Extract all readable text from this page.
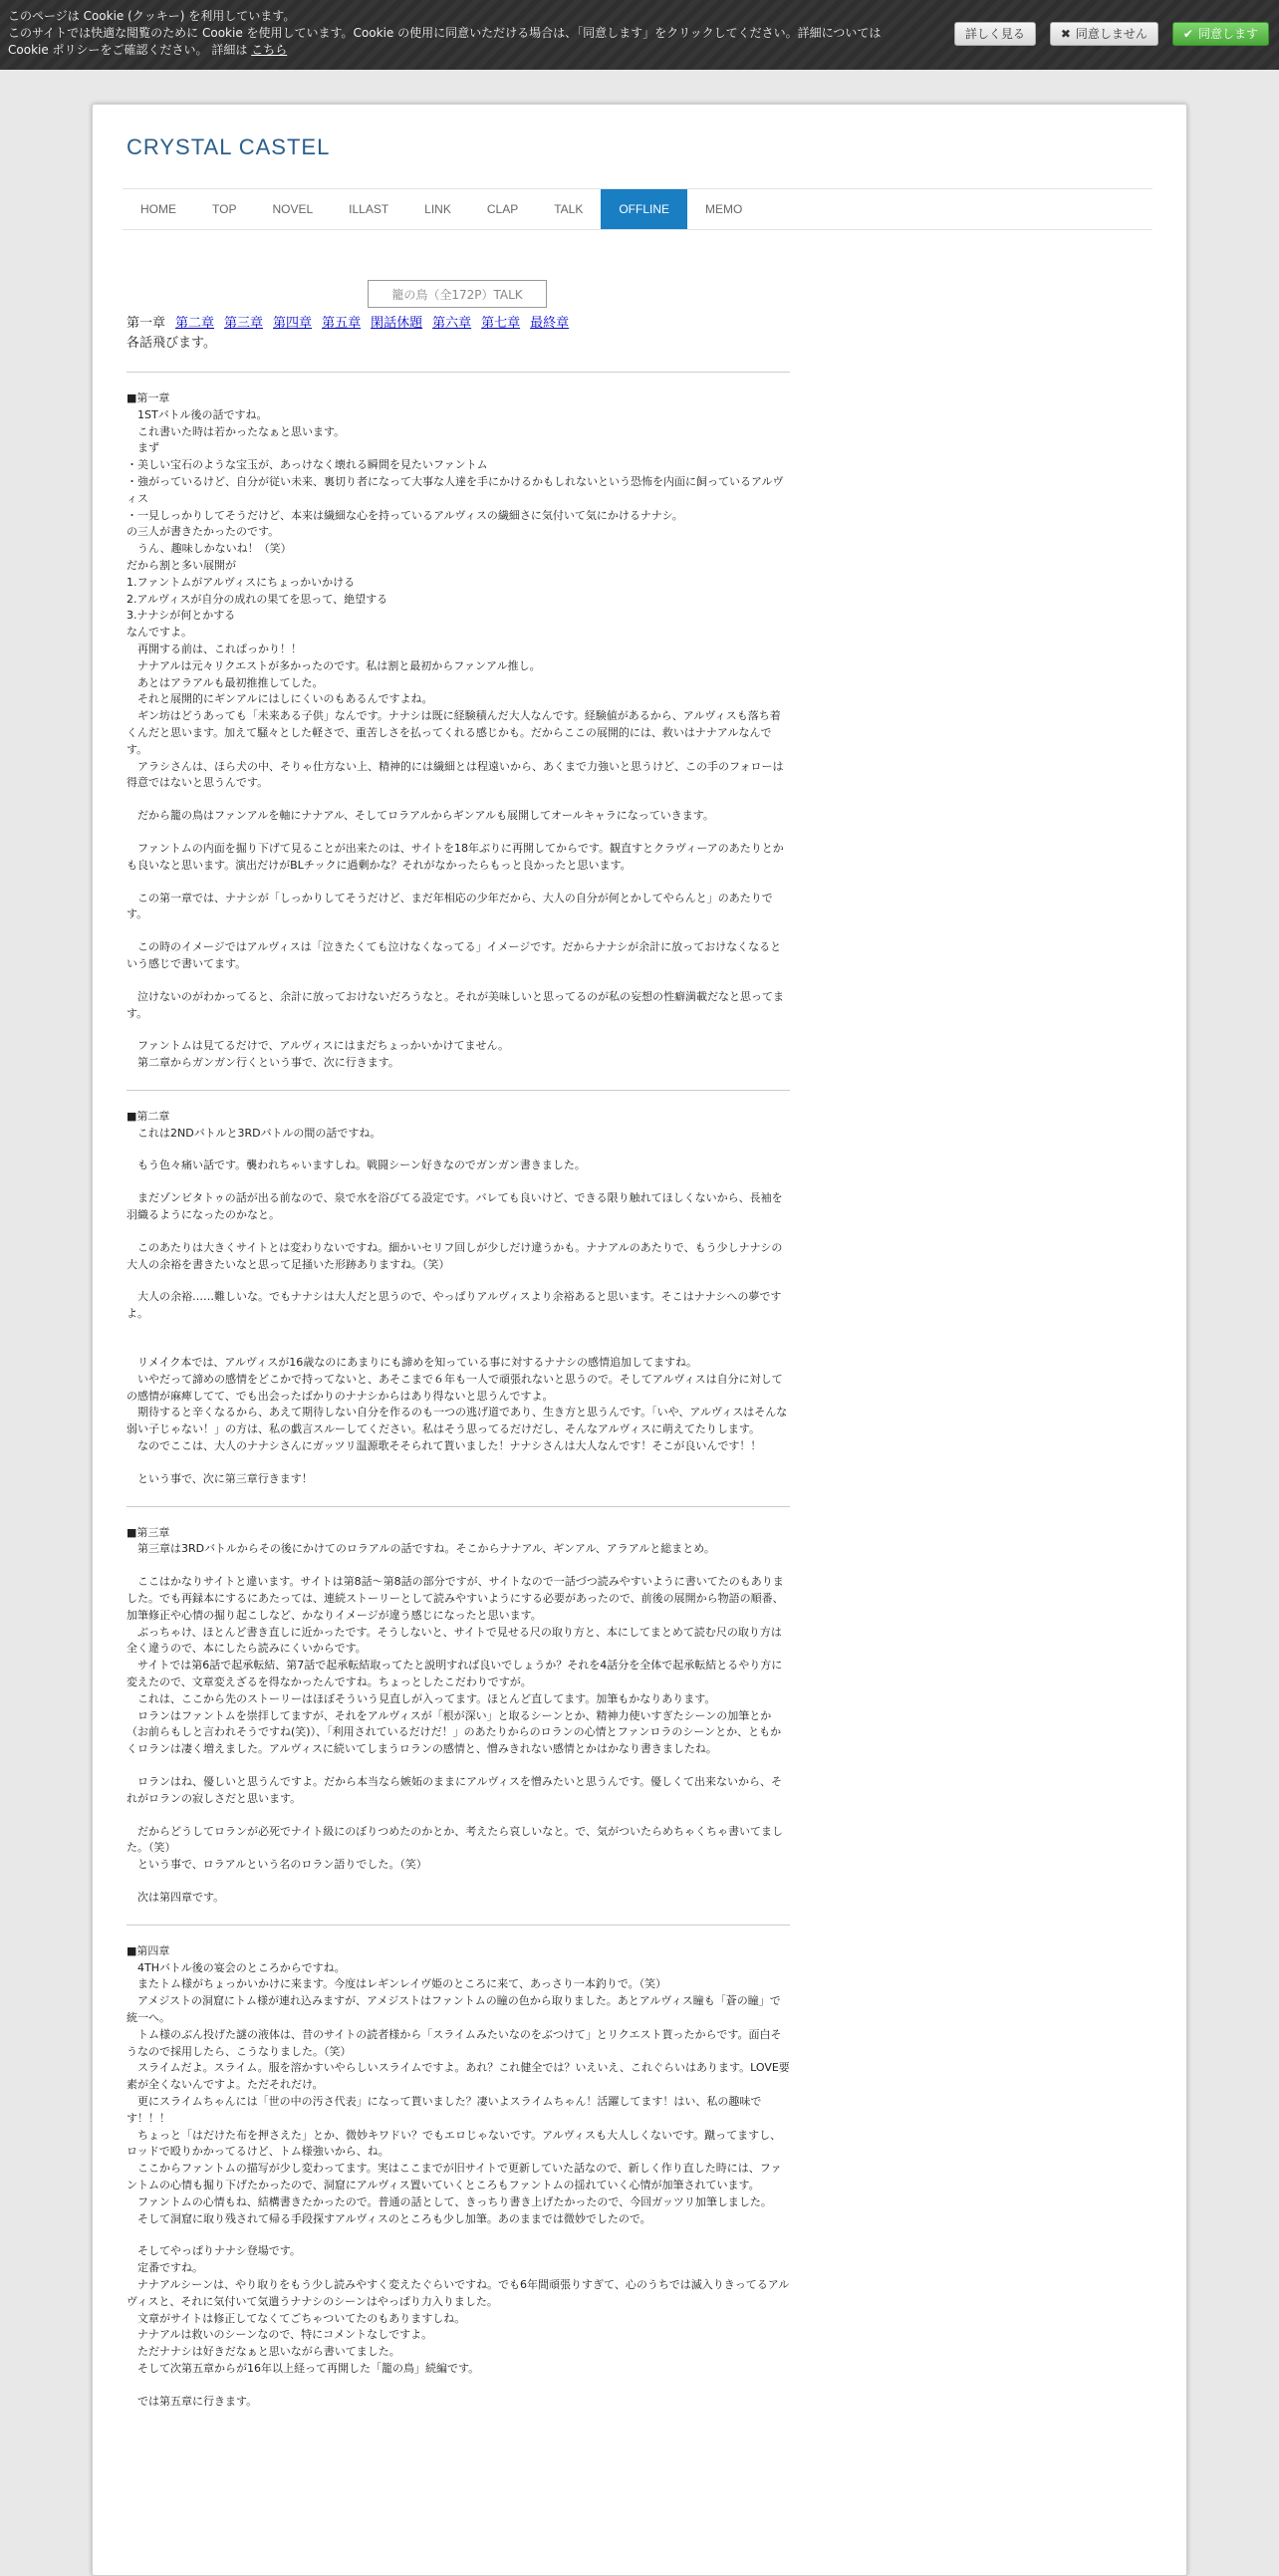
このページは Cookie (クッキー) を利用しています。

このサイトでは快適な閲覧のために Cookie を使用しています。Cookie の使用に同意いただける場合は、「同意します」をクリックしてください。詳細については Cookie ポリシーをご確認ください。 詳細は こちら

詳しく見る	✖ 同意しません	✔ 同意します
CRYSTAL CASTEL
HOME	TOP	NOVEL	ILLAST	LINK	CLAP	TALK	OFFLINE	MEMO
籠の鳥（全172P）TALK
第一章 第二章 第三章 第四章 第五章 閑話休題 第六章 第七章 最終章
各話飛びます。

■第一章

　1STバトル後の話ですね。

　これ書いた時は若かったなぁと思います。

　まず

・美しい宝石のような宝玉が、あっけなく壊れる瞬間を見たいファントム

・強がっているけど、自分が従い未来、裏切り者になって大事な人達を手にかけるかもしれないという恐怖を内面に飼っているアルヴィス

・一見しっかりしてそうだけど、本来は繊細な心を持っているアルヴィスの繊細さに気付いて気にかけるナナシ。

の三人が書きたかったのです。

　うん、趣味しかないね！（笑）

だから割と多い展開が

1.ファントムがアルヴィスにちょっかいかける

2.アルヴィスが自分の成れの果てを思って、絶望する

3.ナナシが何とかする

なんですよ。

　再開する前は、これぱっかり！！

　ナナアルは元々リクエストが多かったのです。私は割と最初からファンアル推し。

　あとはアラアルも最初推推してした。

　それと展開的にギンアルにはしにくいのもあるんですよね。

　ギン坊はどうあっても「未来ある子供」なんです。ナナシは既に経験積んだ大人なんです。経験値があるから、アルヴィスも落ち着くんだと思います。加えて騒々とした軽さで、重苦しさを払ってくれる感じかも。だからここの展開的には、救いはナナアルなんです。

　アラシさんは、ほら犬の中、そりゃ仕方ない上、精神的には繊細とは程遠いから、あくまで力強いと思うけど、この手のフォローは得意ではないと思うんです。

　だから籠の鳥はファンアルを軸にナナアル、そしてロラアルからギンアルも展開してオールキャラになっていきます。

　ファントムの内面を掘り下げて見ることが出来たのは、サイトを18年ぶりに再開してからです。観直すとクラヴィーアのあたりとかも良いなと思います。演出だけがBLチックに過剰かな？それがなかったらもっと良かったと思います。

　この第一章では、ナナシが「しっかりしてそうだけど、まだ年相応の少年だから、大人の自分が何とかしてやらんと」のあたりです。

　この時のイメージではアルヴィスは「泣きたくても泣けなくなってる」イメージです。だからナナシが余計に放っておけなくなるという感じで書いてます。

　泣けないのがわかってると、余計に放っておけないだろうなと。それが美味しいと思ってるのが私の妄想の性癖満載だなと思ってます。

　ファントムは見てるだけで、アルヴィスにはまだちょっかいかけてません。

　第二章からガンガン行くという事で、次に行きます。

■第二章

　これは2NDバトルと3RDバトルの間の話ですね。

　もう色々痛い話です。襲われちゃいますしね。戦闘シーン好きなのでガンガン書きました。

　まだゾンビタトゥの話が出る前なので、泉で水を浴びてる設定です。バレても良いけど、できる限り触れてほしくないから、長袖を羽織るようになったのかなと。

　このあたりは大きくサイトとは変わりないですね。細かいセリフ回しが少しだけ違うかも。ナナアルのあたりで、もう少しナナシの大人の余裕を書きたいなと思って足掻いた形跡ありますね。（笑）

　大人の余裕……難しいな。でもナナシは大人だと思うので、やっぱりアルヴィスより余裕あると思います。そこはナナシへの夢ですよ。

　リメイク本では、アルヴィスが16歳なのにあまりにも諦めを知っている事に対するナナシの感情追加してますね。

　いやだって諦めの感情をどこかで持ってないと、あそこまで６年も一人で頑張れないと思うので。そしてアルヴィスは自分に対しての感情が麻痺してて、でも出会ったばかりのナナシからはあり得ないと思うんですよ。

　期待すると辛くなるから、あえて期待しない自分を作るのも一つの逃げ道であり、生き方と思うんです。「いや、アルヴィスはそんな弱い子じゃない！」の方は、私の戯言スルーしてください。私はそう思ってるだけだし、そんなアルヴィスに萌えてたりします。

　なのでここは、大人のナナシさんにガッツリ温源歌そそられて貰いました！ナナシさんは大人なんです！そこが良いんです！！

　という事で、次に第三章行きます！

■第三章

　第三章は3RDバトルからその後にかけてのロラアルの話ですね。そこからナナアル、ギンアル、アラアルと総まとめ。

　ここはかなりサイトと違います。サイトは第8話〜第8話の部分ですが、サイトなので一話づつ読みやすいように書いてたのもありました。でも再録本にするにあたっては、連続ストーリーとして読みやすいようにする必要があったので、前後の展開から物語の順番、加筆修正や心情の掘り起こしなど、かなりイメージが違う感じになったと思います。

　ぶっちゃけ、ほとんど書き直しに近かったです。そうしないと、サイトで見せる尺の取り方と、本にしてまとめて読む尺の取り方は全く違うので、本にしたら読みにくいからです。

　サイトでは第6話で起承転結、第7話で起承転結取ってたと説明すれば良いでしょうか？それを4話分を全体で起承転結とるやり方に変えたので、文章変えざるを得なかったんですね。ちょっとしたこだわりですが。

　これは、ここから先のストーリーはほぼそういう見直しが入ってます。ほとんど直してます。加筆もかなりあります。

　ロランはファントムを崇拝してますが、それをアルヴィスが「根が深い」と取るシーンとか、精神力使いすぎたシーンの加筆とか（お前らもしと言われそうですね(笑)）、「利用されているだけだ！」のあたりからのロランの心情とファンロラのシーンとか、ともかくロランは凄く増えました。アルヴィスに続いてしまうロランの感情と、憎みきれない感情とかはかなり書きましたね。

　ロランはね、優しいと思うんですよ。だから本当なら嫉妬のままにアルヴィスを憎みたいと思うんです。優しくて出来ないから、それがロランの寂しさだと思います。

　だからどうしてロランが必死でナイト級にのぼりつめたのかとか、考えたら哀しいなと。で、気がついたらめちゃくちゃ書いてました。（笑）

　という事で、ロラアルという名のロラン語りでした。（笑）

　次は第四章です。

■第四章

　4THバトル後の宴会のところからですね。

　またトム様がちょっかいかけに来ます。今度はレギンレイヴ姫のところに来て、あっさり一本釣りで。（笑）

　アメジストの洞窟にトム様が連れ込みますが、アメジストはファントムの瞳の色から取りました。あとアルヴィス瞳も「蒼の瞳」で統一へ。

　トム様のぶん投げた謎の液体は、昔のサイトの読者様から「スライムみたいなのをぶつけて」とリクエスト貰ったからです。面白そうなので採用したら、こうなりました。（笑）

　スライムだよ。スライム。服を溶かすいやらしいスライムですよ。あれ？これ健全では？いえいえ、これぐらいはあります。LOVE要素が全くないんですよ。ただそれだけ。

　更にスライムちゃんには「世の中の汚さ代表」になって貰いました？凄いよスライムちゃん！活躍してます！はい、私の趣味です！！！

　ちょっと「はだけた布を押さえた」とか、微妙キワドい？でもエロじゃないです。アルヴィスも大人しくないです。蹴ってますし、ロッドで殴りかかってるけど、トム様強いから、ね。

　ここからファントムの描写が少し変わってます。実はここまでが旧サイトで更新していた話なので、新しく作り直した時には、ファントムの心情も掘り下げたかったので、洞窟にアルヴィス置いていくところもファントムの揺れていく心情が加筆されています。

　ファントムの心情もね、結構書きたかったので。普通の話として、きっちり書き上げたかったので、今回ガッツリ加筆しました。

　そして洞窟に取り残されて帰る手段探すアルヴィスのところも少し加筆。あのままでは微妙でしたので。

　そしてやっぱりナナシ登場です。

　定番ですね。

　ナナアルシーンは、やり取りをもう少し読みやすく変えたぐらいですね。でも6年間頑張りすぎて、心のうちでは滅入りきってるアルヴィスと、それに気付いて気遣うナナシのシーンはやっぱり力入りました。

　文章がサイトは修正してなくてごちゃついてたのもありますしね。

　ナナアルは救いのシーンなので、特にコメントなしですよ。

　ただナナシは好きだなぁと思いながら書いてました。

　そして次第五章からが16年以上経って再開した「籠の鳥」続編です。

　では第五章に行きます。
